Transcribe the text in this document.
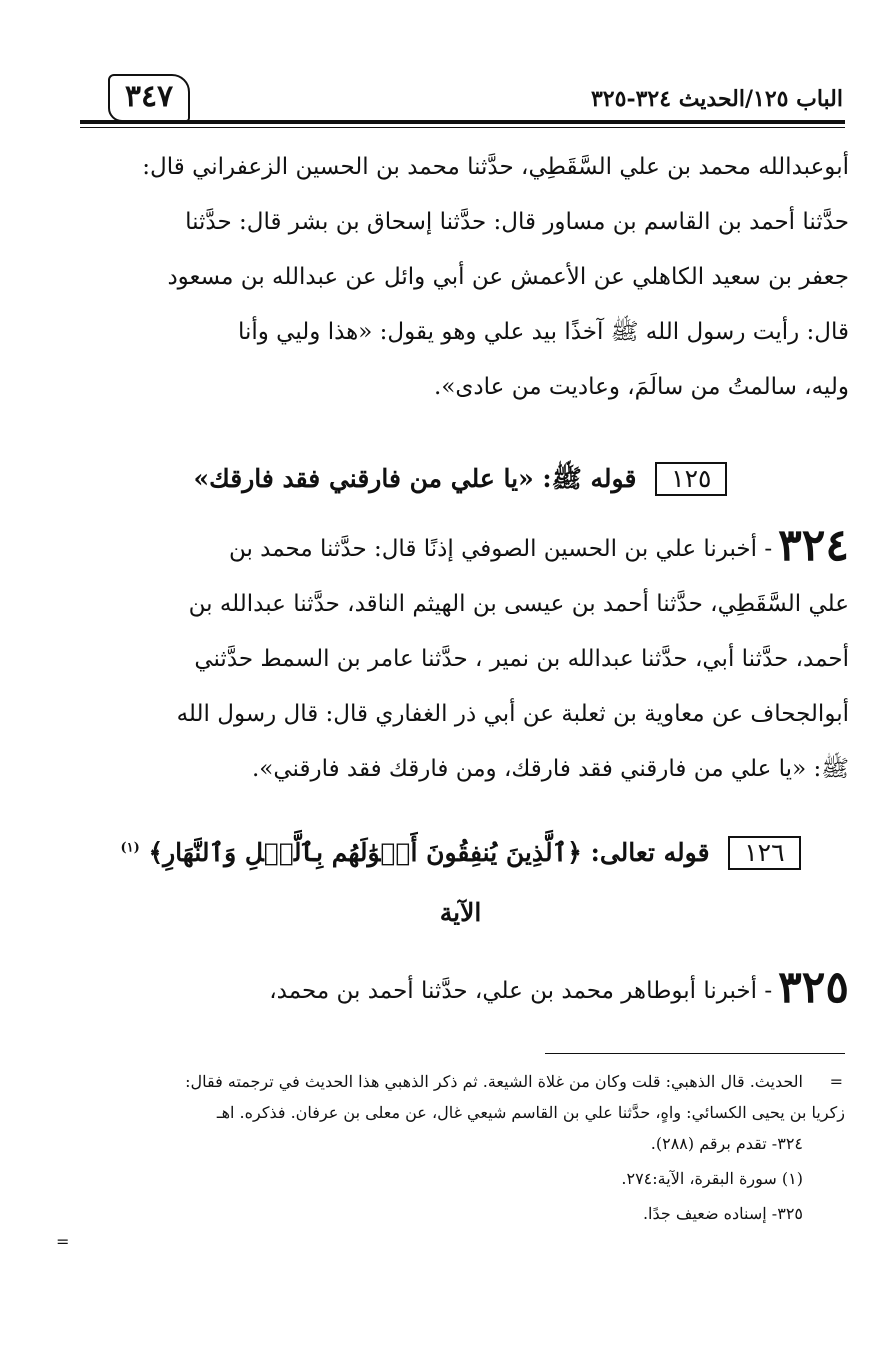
الباب ١٢٥/الحديث ٣٢٤-٣٢٥
٣٤٧
أبوعبدالله محمد بن علي السَّقَطِي، حدَّثنا محمد بن الحسين الزعفراني قال:
حدَّثنا أحمد بن القاسم بن مساور قال: حدَّثنا إسحاق بن بشر قال: حدَّثنا
جعفر بن سعيد الكاهلي عن الأعمش عن أبي وائل عن عبدالله بن مسعود
قال: رأيت رسول الله ﷺ آخذًا بيد علي وهو يقول: «هذا وليي وأنا
وليه، سالمتُ من سالَمَ، وعاديت من عادى».
١٢٥ قوله ﷺ: «يا علي من فارقني فقد فارقك»
٣٢٤- أخبرنا علي بن الحسين الصوفي إذنًا قال: حدَّثنا محمد بن
علي السَّقَطِي، حدَّثنا أحمد بن عيسى بن الهيثم الناقد، حدَّثنا عبدالله بن
أحمد، حدَّثنا أبي، حدَّثنا عبدالله بن نمير ، حدَّثنا عامر بن السمط حدَّثني
أبوالجحاف عن معاوية بن ثعلبة عن أبي ذر الغفاري قال: قال رسول الله
ﷺ: «يا علي من فارقني فقد فارقك، ومن فارقك فقد فارقني».
١٢٦ قوله تعالى: ﴿ٱلَّذِينَ يُنفِقُونَ أَمۡوَٰلَهُم بِٱلَّيۡلِ وَٱلنَّهَارِ﴾ $^{(١)}$
الآية
٣٢٥- أخبرنا أبوطاهر محمد بن علي، حدَّثنا أحمد بن محمد،
=
الحديث. قال الذهبي: قلت وكان من غلاة الشيعة. ثم ذكر الذهبي هذا الحديث في ترجمته فقال:
زكريا بن يحيى الكسائي: واهٍ، حدَّثنا علي بن القاسم شيعي غال، عن معلى بن عرفان. فذكره. اهـ
٣٢٤- تقدم برقم (٢٨٨).
(١) سورة البقرة، الآية:٢٧٤.
٣٢٥- إسناده ضعيف جدًا.
=
